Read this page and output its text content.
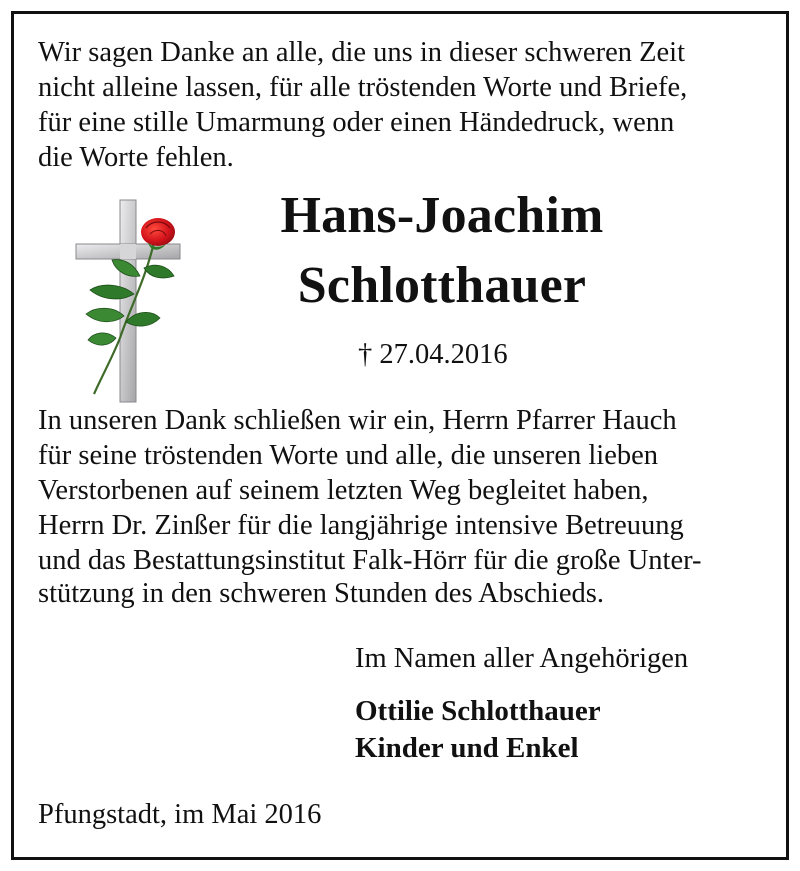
Wir sagen Danke an alle, die uns in dieser schweren Zeit
nicht alleine lassen, für alle tröstenden Worte und Briefe,
für eine stille Umarmung oder einen Händedruck, wenn
die Worte fehlen.
Hans-Joachim
Schlotthauer
† 27.04.2016
In unseren Dank schließen wir ein, Herrn Pfarrer Hauch
für seine tröstenden Worte und alle, die unseren lieben
Verstorbenen auf seinem letzten Weg begleitet haben,
Herrn Dr. Zinßer für die langjährige intensive Betreuung
und das Bestattungsinstitut Falk-Hörr für die große Unter-
stützung in den schweren Stunden des Abschieds.
Im Namen aller Angehörigen
Ottilie Schlotthauer
Kinder und Enkel
Pfungstadt, im Mai 2016
